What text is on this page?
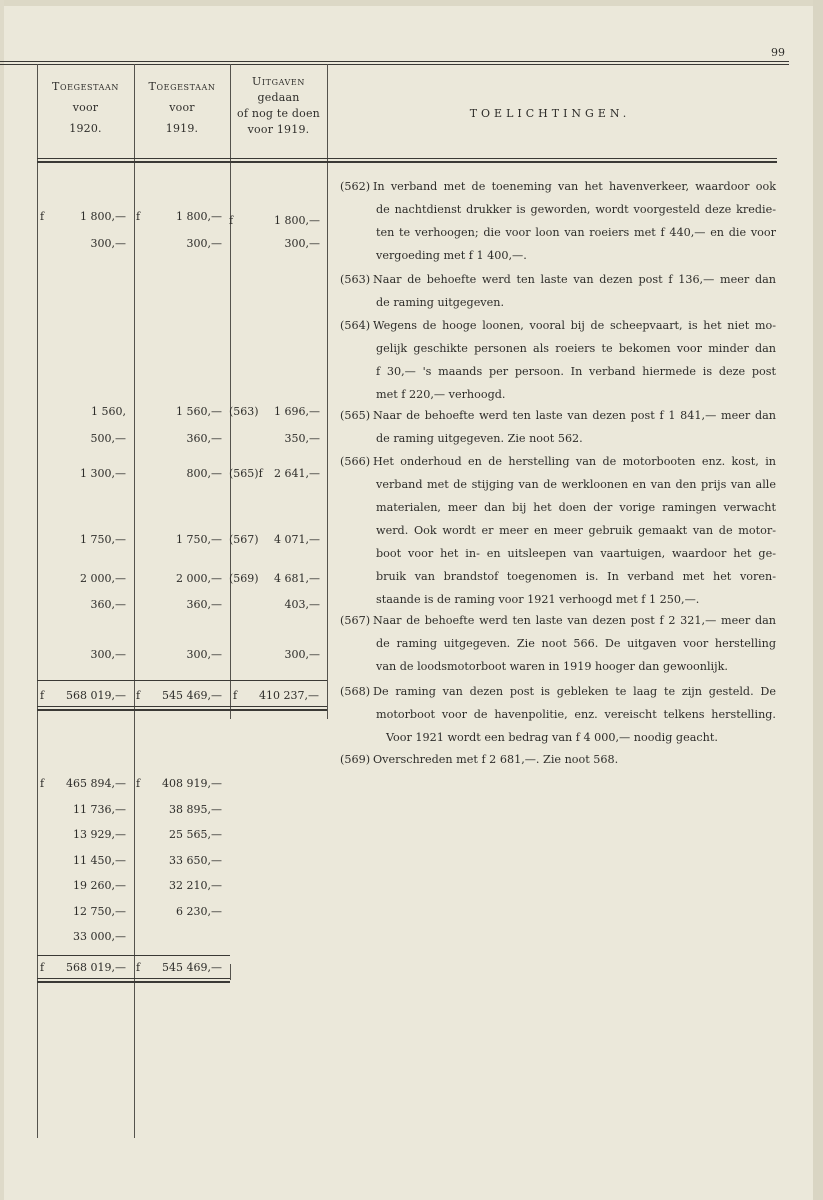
99
Toegestaan
voor
1920.
Toegestaan
voor
1919.
Uitgaven
gedaan
of nog te doen
voor 1919.
TOELICHTINGEN.
f	1 800,— f	1 800,— f	1 800,—
300,—	300,—	300,—
1 560,	1 560,— (563) 1 696,—
500,—	360,—	350,—
1 300,—	800,— (565)f 2 641,—
1 750,—	1 750,— (567) 4 071,—
2 000,—	2 000,— (569) 4 681,—
360,—	360,—	403,—
300,—	300,—	300,—
f 568 019,— f 545 469,— f 410 237,—
f 465 894,— f 408 919,—
11 736,—	38 895,—
13 929,—	25 565,—
11 450,—	33 650,—
19 260,—	32 210,—
12 750,—	6 230,—
33 000,—
f 568 019,— f 545 469,—
(562) In verband met de toeneming van het havenverkeer, waardoor ook
de nachtdienst drukker is geworden, wordt voorgesteld deze kredie-
ten te verhoogen; die voor loon van roeiers met f 440,— en die voor
vergoeding met f 1 400,—.
(563) Naar de behoefte werd ten laste van dezen post f 136,— meer dan
de raming uitgegeven.
(564) Wegens de hooge loonen, vooral bij de scheepvaart, is het niet mo-
gelijk geschikte personen als roeiers te bekomen voor minder dan
f 30,— 's maands per persoon. In verband hiermede is deze post
met f 220,— verhoogd.
(565) Naar de behoefte werd ten laste van dezen post f 1 841,— meer dan
de raming uitgegeven. Zie noot 562.
(566) Het onderhoud en de herstelling van de motorbooten enz. kost, in
verband met de stijging van de werkloonen en van den prijs van alle
materialen, meer dan bij het doen der vorige ramingen verwacht
werd. Ook wordt er meer en meer gebruik gemaakt van de motor-
boot voor het in- en uitsleepen van vaartuigen, waardoor het ge-
bruik van brandstof toegenomen is. In verband met het voren-
staande is de raming voor 1921 verhoogd met f 1 250,—.
(567) Naar de behoefte werd ten laste van dezen post f 2 321,— meer dan
de raming uitgegeven. Zie noot 566. De uitgaven voor herstelling
van de loodsmotorboot waren in 1919 hooger dan gewoonlijk.
(568) De raming van dezen post is gebleken te laag te zijn gesteld. De
motorboot voor de havenpolitie, enz. vereischt telkens herstelling.
Voor 1921 wordt een bedrag van f 4 000,— noodig geacht.
(569) Overschreden met f 2 681,—. Zie noot 568.
